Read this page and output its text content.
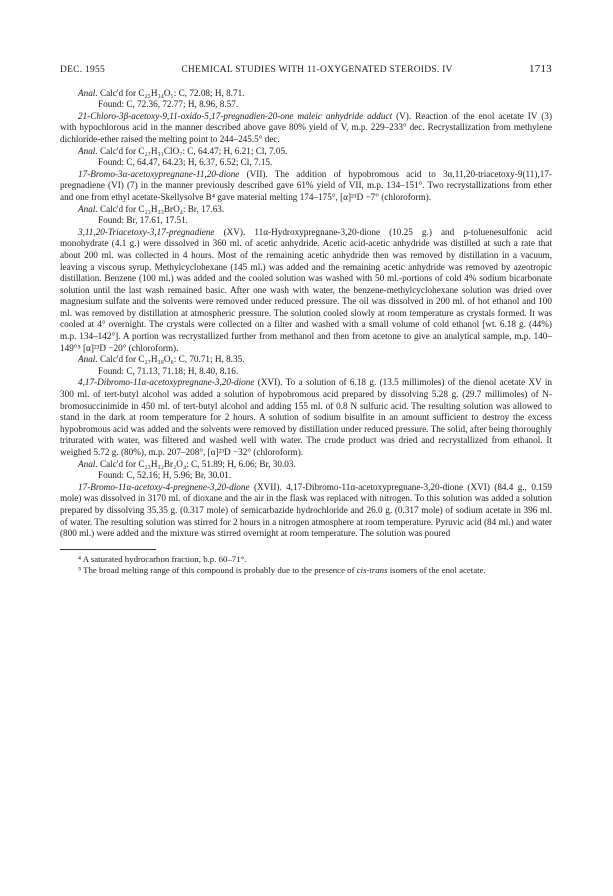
DEC. 1955	CHEMICAL STUDIES WITH 11-OXYGENATED STEROIDS. IV	1713

Anal. Calc'd for C₂₅H₃₄O₅: C, 72.08; H, 8.71.

Found: C, 72.36, 72.77; H, 8.96, 8.57.

21-Chloro-3β-acetoxy-9,11-oxido-5,17-pregnadien-20-one maleic anhydride adduct (V). Reaction of the enol acetate IV (3) with hypochlorous acid in the manner described above gave 80% yield of V, m.p. 229–233° dec. Recrystallization from methylene dichloride-ether raised the melting point to 244–245.5° dec.

Anal. Calc'd for C₂₇H₃₁ClO₇: C, 64.47; H, 6.21; Cl, 7.05.

Found: C, 64.47, 64.23; H, 6.37, 6.52; Cl, 7.15.

17-Bromo-3α-acetoxypregnane-11,20-dione (VII). The addition of hypobromous acid to 3α,11,20-triacetoxy-9(11),17-pregnadiene (VI) (7) in the manner previously described gave 61% yield of VII, m.p. 134–151°. Two recrystallizations from ether and one from ethyl acetate-Skellysolve B⁴ gave material melting 174–175°, [α]²³D −7° (chloroform).

Anal. Calc'd for C₂₃H₃₃BrO₄: Br, 17.63.

Found: Br, 17.61, 17.51.

3,11,20-Triacetoxy-3,17-pregnadiene (XV). 11α-Hydroxypregnane-3,20-dione (10.25 g.) and p-toluenesulfonic acid monohydrate (4.1 g.) were dissolved in 360 ml. of acetic anhydride. Acetic acid-acetic anhydride was distilled at such a rate that about 200 ml. was collected in 4 hours. Most of the remaining acetic anhydride then was removed by distillation in a vacuum, leaving a viscous syrup. Methylcyclohexane (145 ml.) was added and the remaining acetic anhydride was removed by azeotropic distillation. Benzene (100 ml.) was added and the cooled solution was washed with 50 ml.-portions of cold 4% sodium bicarbonate solution until the last wash remained basic. After one wash with water, the benzene-methylcyclohexane solution was dried over magnesium sulfate and the solvents were removed under reduced pressure. The oil was dissolved in 200 ml. of hot ethanol and 100 ml. was removed by distillation at atmospheric pressure. The solution cooled slowly at room temperature as crystals formed. It was cooled at 4° overnight. The crystals were collected on a filter and washed with a small volume of cold ethanol [wt. 6.18 g. (44%) m.p. 134–142°]. A portion was recrystallized further from methanol and then from acetone to give an analytical sample, m.p. 140–149°⁵ [α]²³D −20° (chloroform).

Anal. Calc'd for C₂₇H₃₈O₆: C, 70.71; H, 8.35.

Found: C, 71.13, 71.18; H, 8.40, 8.16.

4,17-Dibromo-11α-acetoxypregnane-3,20-dione (XVI). To a solution of 6.18 g. (13.5 millimoles) of the dienol acetate XV in 300 ml. of tert-butyl alcohol was added a solution of hypobromous acid prepared by dissolving 5.28 g. (29.7 millimoles) of N-bromosuccinimide in 450 ml. of tert-butyl alcohol and adding 155 ml. of 0.8 N sulfuric acid. The resulting solution was allowed to stand in the dark at room temperature for 2 hours. A solution of sodium bisulfite in an amount sufficient to destroy the excess hypobromous acid was added and the solvents were removed by distillation under reduced pressure. The solid, after being thoroughly triturated with water, was filtered and washed well with water. The crude product was dried and recrystallized from ethanol. It weighed 5.72 g. (80%), m.p. 207–208°, [α]²³D −32° (chloroform).

Anal. Calc'd for C₂₃H₃₂Br₂O₄: C, 51.89; H, 6.06; Br, 30.03.

Found: C, 52.16; H, 5.96; Br, 30.01.

17-Bromo-11α-acetoxy-4-pregnene-3,20-dione (XVII). 4,17-Dibromo-11α-acetoxypregnane-3,20-dione (XVI) (84.4 g., 0.159 mole) was dissolved in 3170 ml. of dioxane and the air in the flask was replaced with nitrogen. To this solution was added a solution prepared by dissolving 35.35 g. (0.317 mole) of semicarbazide hydrochloride and 26.0 g. (0.317 mole) of sodium acetate in 396 ml. of water. The resulting solution was stirred for 2 hours in a nitrogen atmosphere at room temperature. Pyruvic acid (84 ml.) and water (800 ml.) were added and the mixture was stirred overnight at room temperature. The solution was poured

⁴ A saturated hydrocarbon fraction, b.p. 60–71°.

⁵ The broad melting range of this compound is probably due to the presence of cis-trans isomers of the enol acetate.
